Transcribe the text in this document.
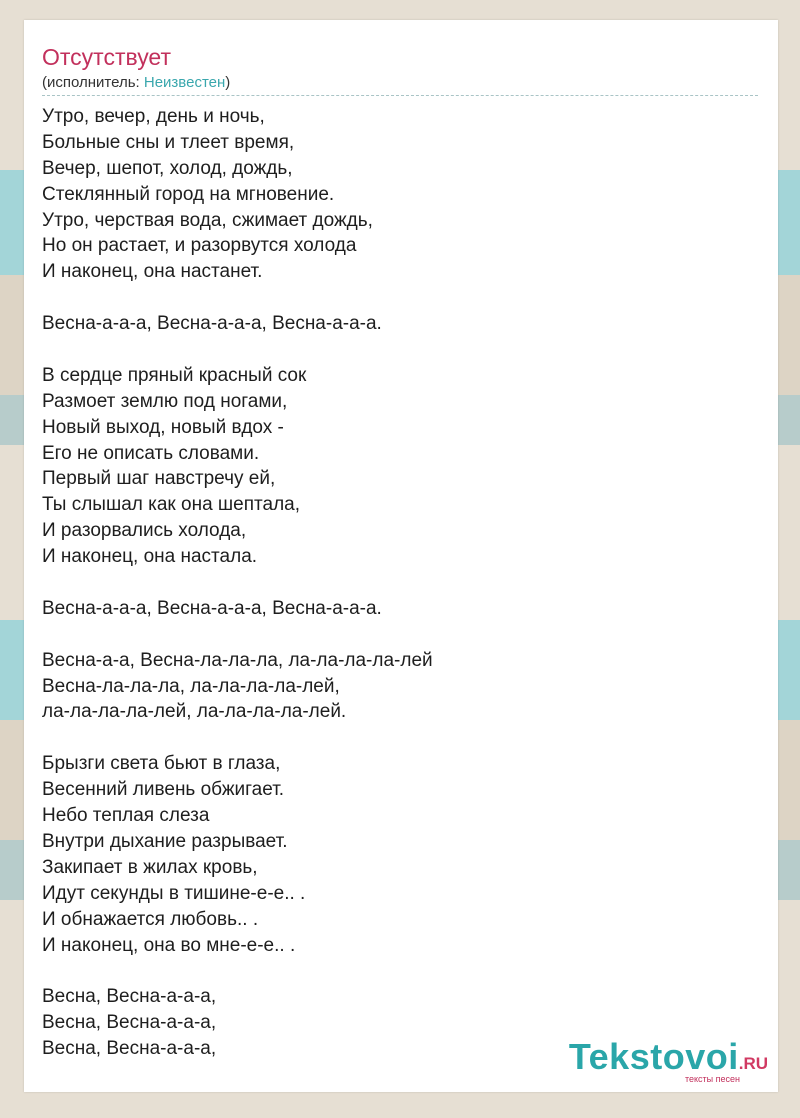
Отсутствует
(исполнитель: Неизвестен)
Утро, вечер, день и ночь,
Больные сны и тлеет время,
Вечер, шепот, холод, дождь,
Стеклянный город на мгновение.
Утро, черствая вода, сжимает дождь,
Но он растает, и разорвутся холода
И наконец, она настанет.
Весна-а-а-а, Весна-а-а-а, Весна-а-а-а.
В сердце пряный красный сок
Размоет землю под ногами,
Новый выход, новый вдох -
Его не описать словами.
Первый шаг навстречу ей,
Ты слышал как она шептала,
И разорвались холода,
И наконец, она настала.
Весна-а-а-а, Весна-а-а-а, Весна-а-а-а.
Весна-а-а, Весна-ла-ла-ла, ла-ла-ла-ла-лей
Весна-ла-ла-ла, ла-ла-ла-ла-лей,
ла-ла-ла-ла-лей, ла-ла-ла-ла-лей.
Брызги света бьют в глаза,
Весенний ливень обжигает.
Небо теплая слеза
Внутри дыхание разрывает.
Закипает в жилах кровь,
Идут секунды в тишине-е-е.. .
И обнажается любовь.. .
И наконец, она во мне-е-е.. .
Весна, Весна-а-а-а,
Весна, Весна-а-а-а,
Весна, Весна-а-а-а,	Tekstovoi.RU
тексты песен
